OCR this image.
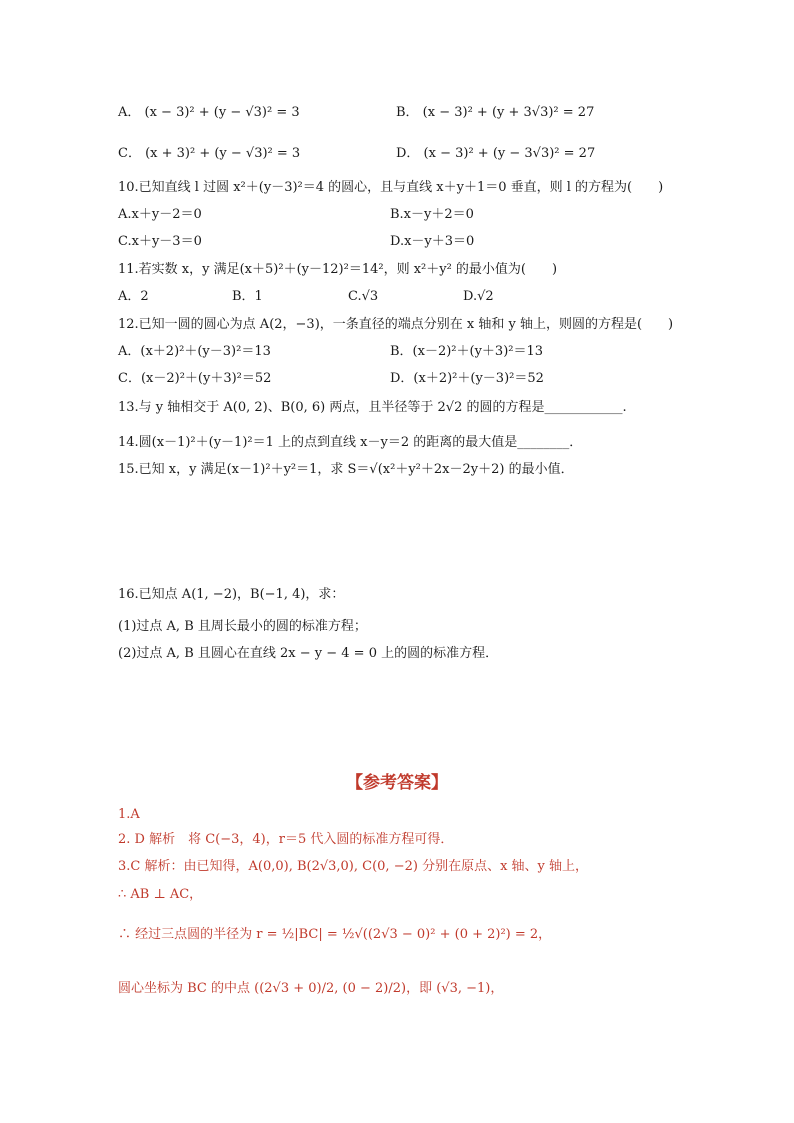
A． (x − 3)² + (y − √3)² = 3	B． (x − 3)² + (y + 3√3)² = 27
C． (x + 3)² + (y − √3)² = 3	D． (x − 3)² + (y − 3√3)² = 27
10.已知直线 l 过圆 x²＋(y－3)²＝4 的圆心，且与直线 x＋y＋1＝0 垂直，则 l 的方程为(　　)
A.x＋y－2＝0	B.x－y＋2＝0
C.x＋y－3＝0	D.x－y＋3＝0
11.若实数 x，y 满足(x＋5)²＋(y－12)²＝14²，则 x²＋y² 的最小值为(　　)
A．2	B．1	C.√3	D.√2
12.已知一圆的圆心为点 A(2，−3)，一条直径的端点分别在 x 轴和 y 轴上，则圆的方程是(　　)
A．(x＋2)²＋(y－3)²＝13	B．(x－2)²＋(y＋3)²＝13
C．(x－2)²＋(y＋3)²＝52	D．(x＋2)²＋(y－3)²＝52
13.与 y 轴相交于 A(0, 2)、B(0, 6) 两点，且半径等于 2√2 的圆的方程是____________.
14.圆(x－1)²＋(y－1)²＝1 上的点到直线 x－y＝2 的距离的最大值是________．
15.已知 x，y 满足(x－1)²＋y²＝1，求 S＝√(x²＋y²＋2x－2y＋2) 的最小值．
16.已知点 A(1, −2)，B(−1, 4)，求：
(1)过点 A, B 且周长最小的圆的标准方程；
(2)过点 A, B 且圆心在直线 2x − y − 4 = 0 上的圆的标准方程．
【参考答案】
1.A
2. D 解析　将 C(−3，4)，r＝5 代入圆的标准方程可得．
3.C 解析：由已知得，A(0,0), B(2√3,0), C(0, −2) 分别在原点、x 轴、y 轴上，
∴ AB ⊥ AC，
∴ 经过三点圆的半径为 r = ½|BC| = ½√((2√3 − 0)² + (0 + 2)²) = 2，
圆心坐标为 BC 的中点 ((2√3 + 0)/2, (0 − 2)/2)，即 (√3, −1)，
